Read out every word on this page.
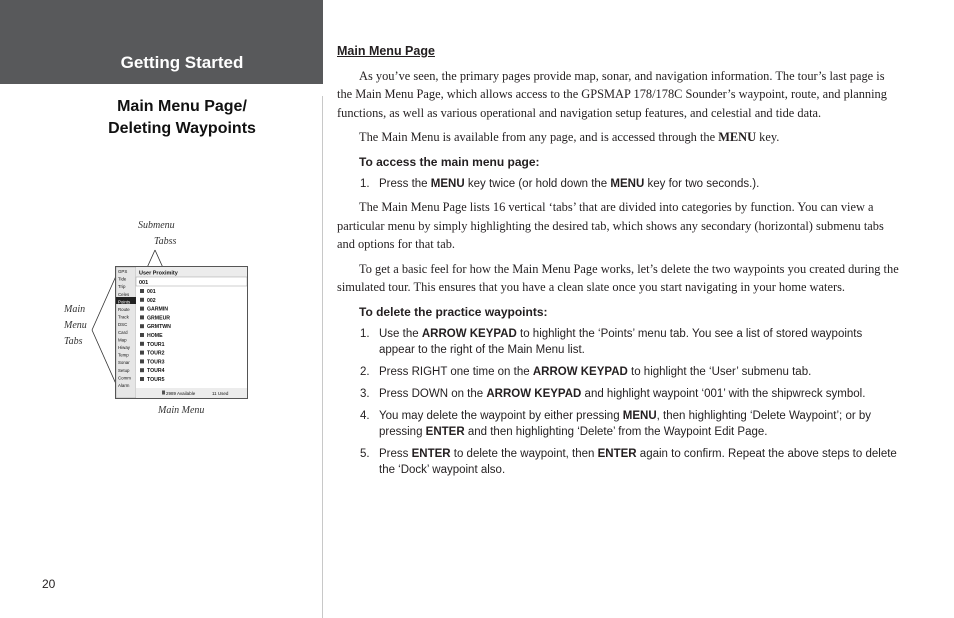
Getting Started
Main Menu Page/
Deleting Waypoints
Submenu
Tabss
Main
Menu
Tabs
Main Menu
GPS
Tide
Trip
Celes
Points
Route
Track
DSC
Card
Map
Hiway
Temp
Sonar
Setup
Comm
Alarm
001
002
GARMIN
GRMEUR
GRMTWN
HOME
TOUR1
TOUR2
TOUR3
TOUR4
TOUR5
User Proximity
001
2989 Available	11 Used
20

Main Menu Page

As you’ve seen, the primary pages provide map, sonar, and navigation information. The tour’s last page is the Main Menu Page, which allows access to the GPSMAP 178/178C Sounder’s waypoint, route, and planning functions, as well as various operational and navigation setup features, and celestial and tide data.

The Main Menu is available from any page, and is accessed through the MENU key.

To access the main menu page:

1. Press the MENU key twice (or hold down the MENU key for two seconds.).

The Main Menu Page lists 16 vertical ‘tabs’ that are divided into categories by function. You can view a particular menu by simply highlighting the desired tab, which shows any secondary (horizontal) submenu tabs and options for that tab.

To get a basic feel for how the Main Menu Page works, let’s delete the two waypoints you created during the simulated tour. This ensures that you have a clean slate once you start navigating in your home waters.

To delete the practice waypoints:

1. Use the ARROW KEYPAD to highlight the ‘Points’ menu tab. You see a list of stored waypoints appear to the right of the Main Menu list.
2. Press RIGHT one time on the ARROW KEYPAD to highlight the ‘User’ submenu tab.
3. Press DOWN on the ARROW KEYPAD and highlight waypoint ‘001’ with the shipwreck symbol.
4. You may delete the waypoint by either pressing MENU, then highlighting ‘Delete Waypoint’; or by pressing ENTER and then highlighting ‘Delete’ from the Waypoint Edit Page.
5. Press ENTER to delete the waypoint, then ENTER again to confirm. Repeat the above steps to delete the ‘Dock’ waypoint also.
